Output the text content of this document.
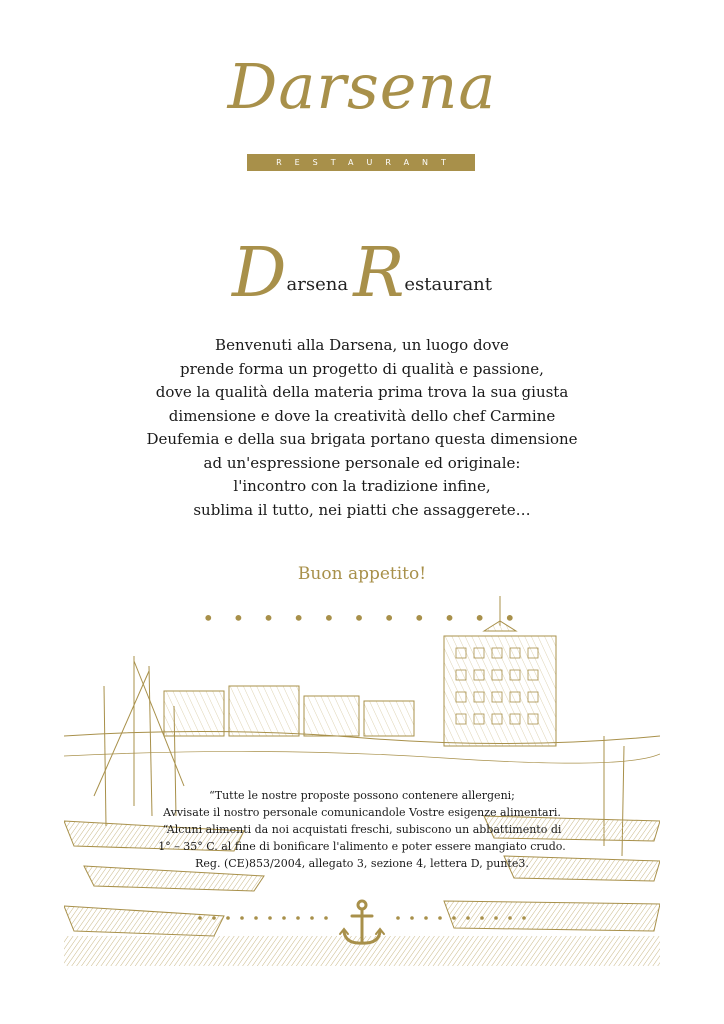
Darsena
RESTAURANT
Darsena Restaurant
Benvenuti alla Darsena, un luogo dove
prende forma un progetto di qualità e passione,
dove la qualità della materia prima trova la sua giusta
dimensione e dove la creatività dello chef Carmine
Deufemia e della sua brigata portano questa dimensione
ad un'espressione personale ed originale:
l'incontro con la tradizione infine,
sublima il tutto, nei piatti che assaggerete…
Buon appetito!
• • • • • • • • • • •
“Tutte le nostre proposte possono contenere allergeni;
Avvisate il nostro personale comunicandole Vostre esigenze alimentari.
“Alcuni alimenti da noi acquistati freschi, subiscono un abbattimento di
1° – 35° C. al fine di bonificare l'alimento e poter essere mangiato crudo.
Reg. (CE)853/2004, allegato 3, sezione 4, lettera D, punte3.
